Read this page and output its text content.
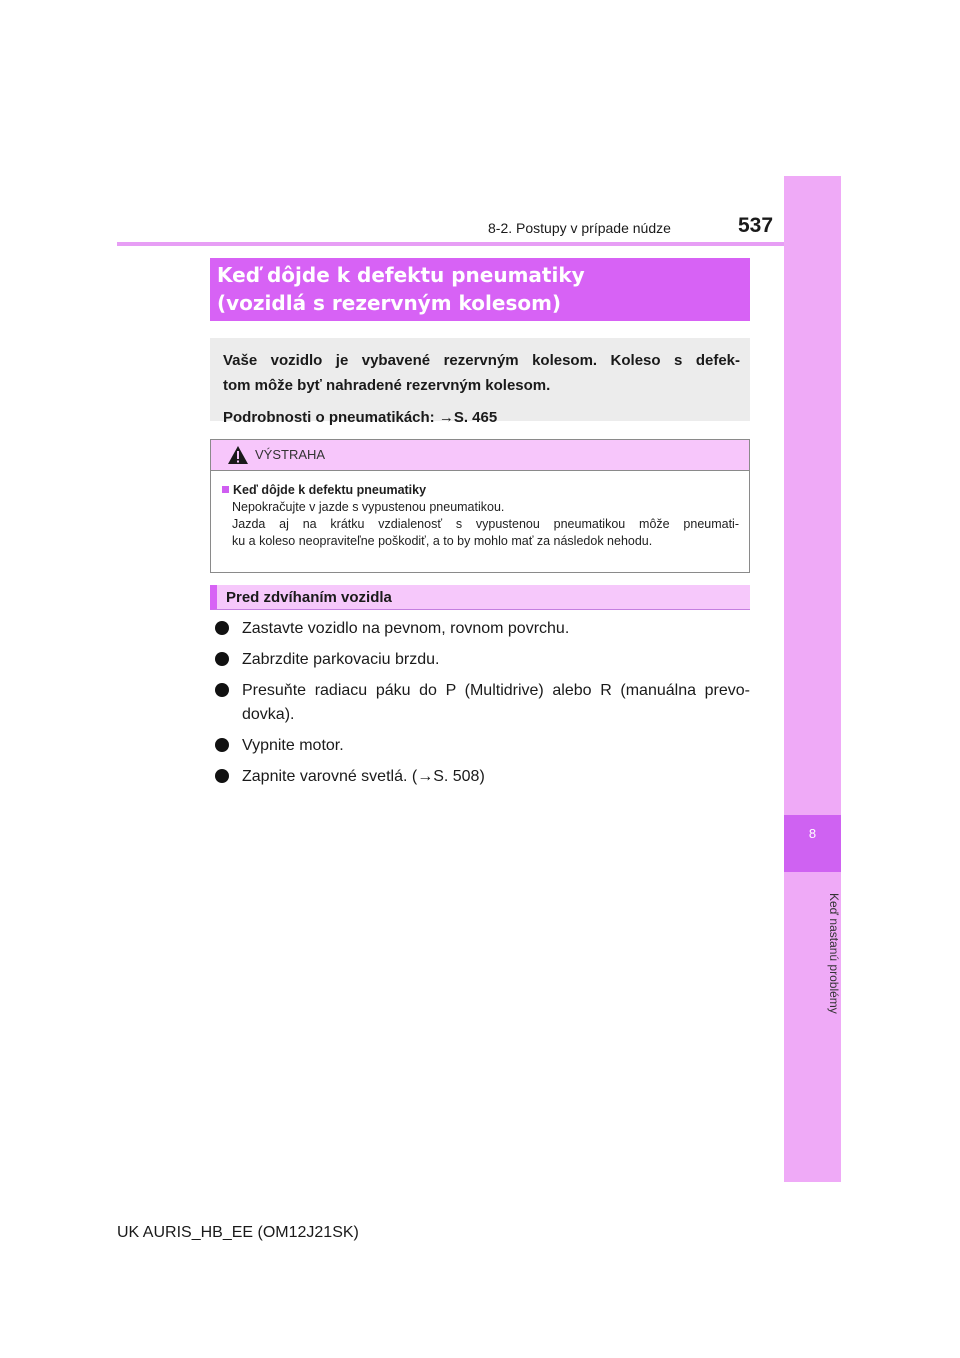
537
8-2. Postupy v prípade núdze
8
Keď nastanú problémy
Keď dôjde k defektu pneumatiky
(vozidlá s rezervným kolesom)
Vaše vozidlo je vybavené rezervným kolesom. Koleso s defek-
tom môže byť nahradené rezervným kolesom.
Podrobnosti o pneumatikách: →S. 465
VÝSTRAHA
Keď dôjde k defektu pneumatiky
Nepokračujte v jazde s vypustenou pneumatikou.
Jazda aj na krátku vzdialenosť s vypustenou pneumatikou môže pneumati-
ku a koleso neopraviteľne poškodiť, a to by mohlo mať za následok nehodu.
Pred zdvíhaním vozidla
Zastavte vozidlo na pevnom, rovnom povrchu.
Zabrzdite parkovaciu brzdu.
Presuňte radiacu páku do P (Multidrive) alebo R (manuálna prevo-
dovka).
Vypnite motor.
Zapnite varovné svetlá. (→S. 508)
UK AURIS_HB_EE (OM12J21SK)
